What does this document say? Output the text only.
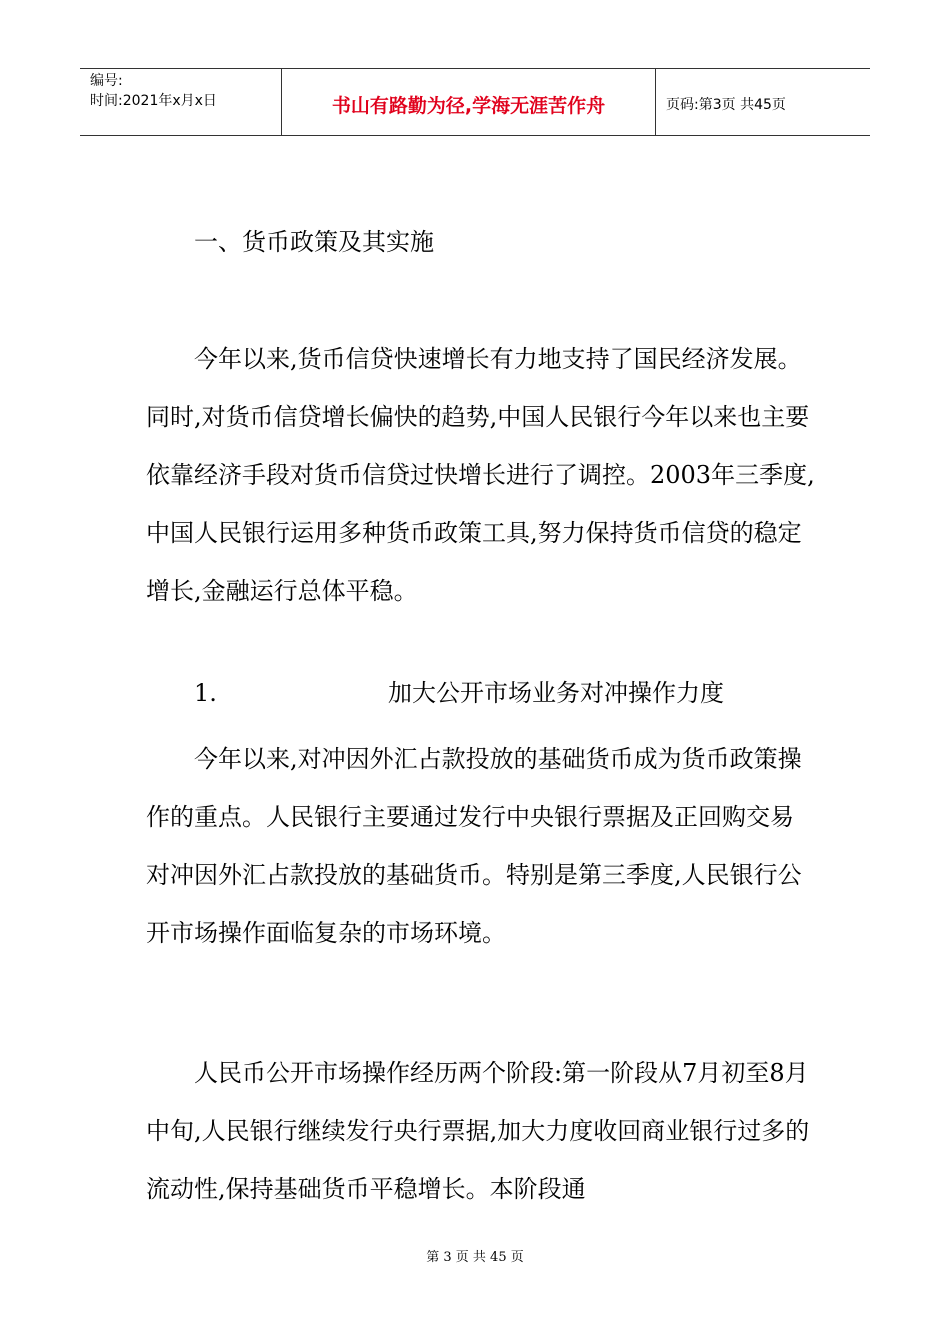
编号:
时间:2021年x月x日	书山有路勤为径,学海无涯苦作舟	页码:第3页 共45页

一、货币政策及其实施

今年以来,货币信贷快速增长有力地支持了国民经济发展。同时,对货币信贷增长偏快的趋势,中国人民银行今年以来也主要依靠经济手段对货币信贷过快增长进行了调控。2003年三季度,中国人民银行运用多种货币政策工具,努力保持货币信贷的稳定增长,金融运行总体平稳。

1.	加大公开市场业务对冲操作力度

今年以来,对冲因外汇占款投放的基础货币成为货币政策操作的重点。人民银行主要通过发行中央银行票据及正回购交易对冲因外汇占款投放的基础货币。特别是第三季度,人民银行公开市场操作面临复杂的市场环境。

人民币公开市场操作经历两个阶段:第一阶段从7月初至8月中旬,人民银行继续发行央行票据,加大力度收回商业银行过多的流动性,保持基础货币平稳增长。本阶段通

第 3 页 共 45 页
